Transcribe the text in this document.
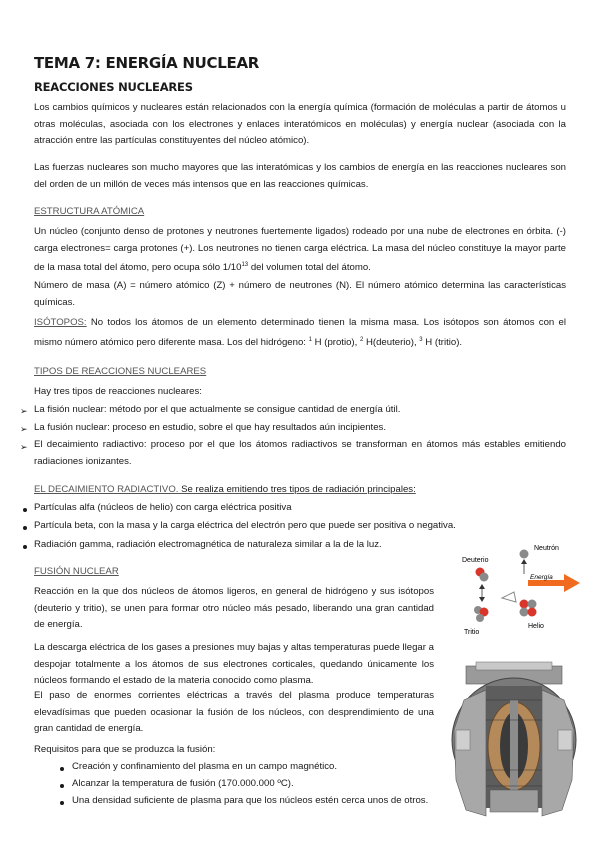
TEMA 7: ENERGÍA NUCLEAR
REACCIONES NUCLEARES
Los cambios químicos y nucleares están relacionados con la energía química (formación de moléculas a partir de átomos u otras moléculas, asociada con los electrones y enlaces interatómicos en moléculas) y energía nuclear (asociada con la atracción entre las partículas constituyentes del núcleo atómico).
Las fuerzas nucleares son mucho mayores que las interatómicas y los cambios de energía en las reacciones nucleares son del orden de un millón de veces más intensos que en las reacciones químicas.
ESTRUCTURA ATÓMICA
Un núcleo (conjunto denso de protones y neutrones fuertemente ligados) rodeado por una nube de electrones en órbita. (-) carga electrones= carga protones (+). Los neutrones no tienen carga eléctrica. La masa del núcleo constituye la mayor parte de la masa total del átomo, pero ocupa sólo $1/10^{13}$ del volumen total del átomo.
Número de masa (A) = número atómico (Z) + número de neutrones (N). El número atómico determina las características químicas.
ISÓTOPOS: No todos los átomos de un elemento determinado tienen la misma masa. Los isótopos son átomos con el mismo número atómico pero diferente masa. Los del hidrógeno: $^1$ H (protio), $^2$ H(deuterio), $^3$ H (tritio).
TIPOS DE REACCIONES NUCLEARES
Hay tres tipos de reacciones nucleares:
➢ La fisión nuclear: método por el que actualmente se consigue cantidad de energía útil.
➢ La fusión nuclear: proceso en estudio, sobre el que hay resultados aún incipientes.
➢ El decaimiento radiactivo: proceso por el que los átomos radiactivos se transforman en átomos más estables emitiendo radiaciones ionizantes.
EL DECAIMIENTO RADIACTIVO. Se realiza emitiendo tres tipos de radiación principales:
Partículas alfa (núcleos de helio) con carga eléctrica positiva
Partícula beta, con la masa y la carga eléctrica del electrón pero que puede ser positiva o negativa.
Radiación gamma, radiación electromagnética de naturaleza similar a la de la luz.
FUSIÓN NUCLEAR
Reacción en la que dos núcleos de átomos ligeros, en general de hidrógeno y sus isótopos (deuterio y tritio), se unen para formar otro núcleo más pesado, liberando una gran cantidad de energía.
La descarga eléctrica de los gases a presiones muy bajas y altas temperaturas puede llegar a despojar totalmente a los átomos de sus electrones corticales, quedando únicamente los núcleos formando el estado de la materia conocido como plasma.
El paso de enormes corrientes eléctricas a través del plasma produce temperaturas elevadísimas que pueden ocasionar la fusión de los núcleos, con desprendimiento de una gran cantidad de energía.
Requisitos para que se produzca la fusión:
Creación y confinamiento del plasma en un campo magnético.
Alcanzar la temperatura de fusión (170.000.000 ºC).
Una densidad suficiente de plasma para que los núcleos estén cerca unos de otros.
Deuterio
Tritio
Neutrón
Energía
Helio
